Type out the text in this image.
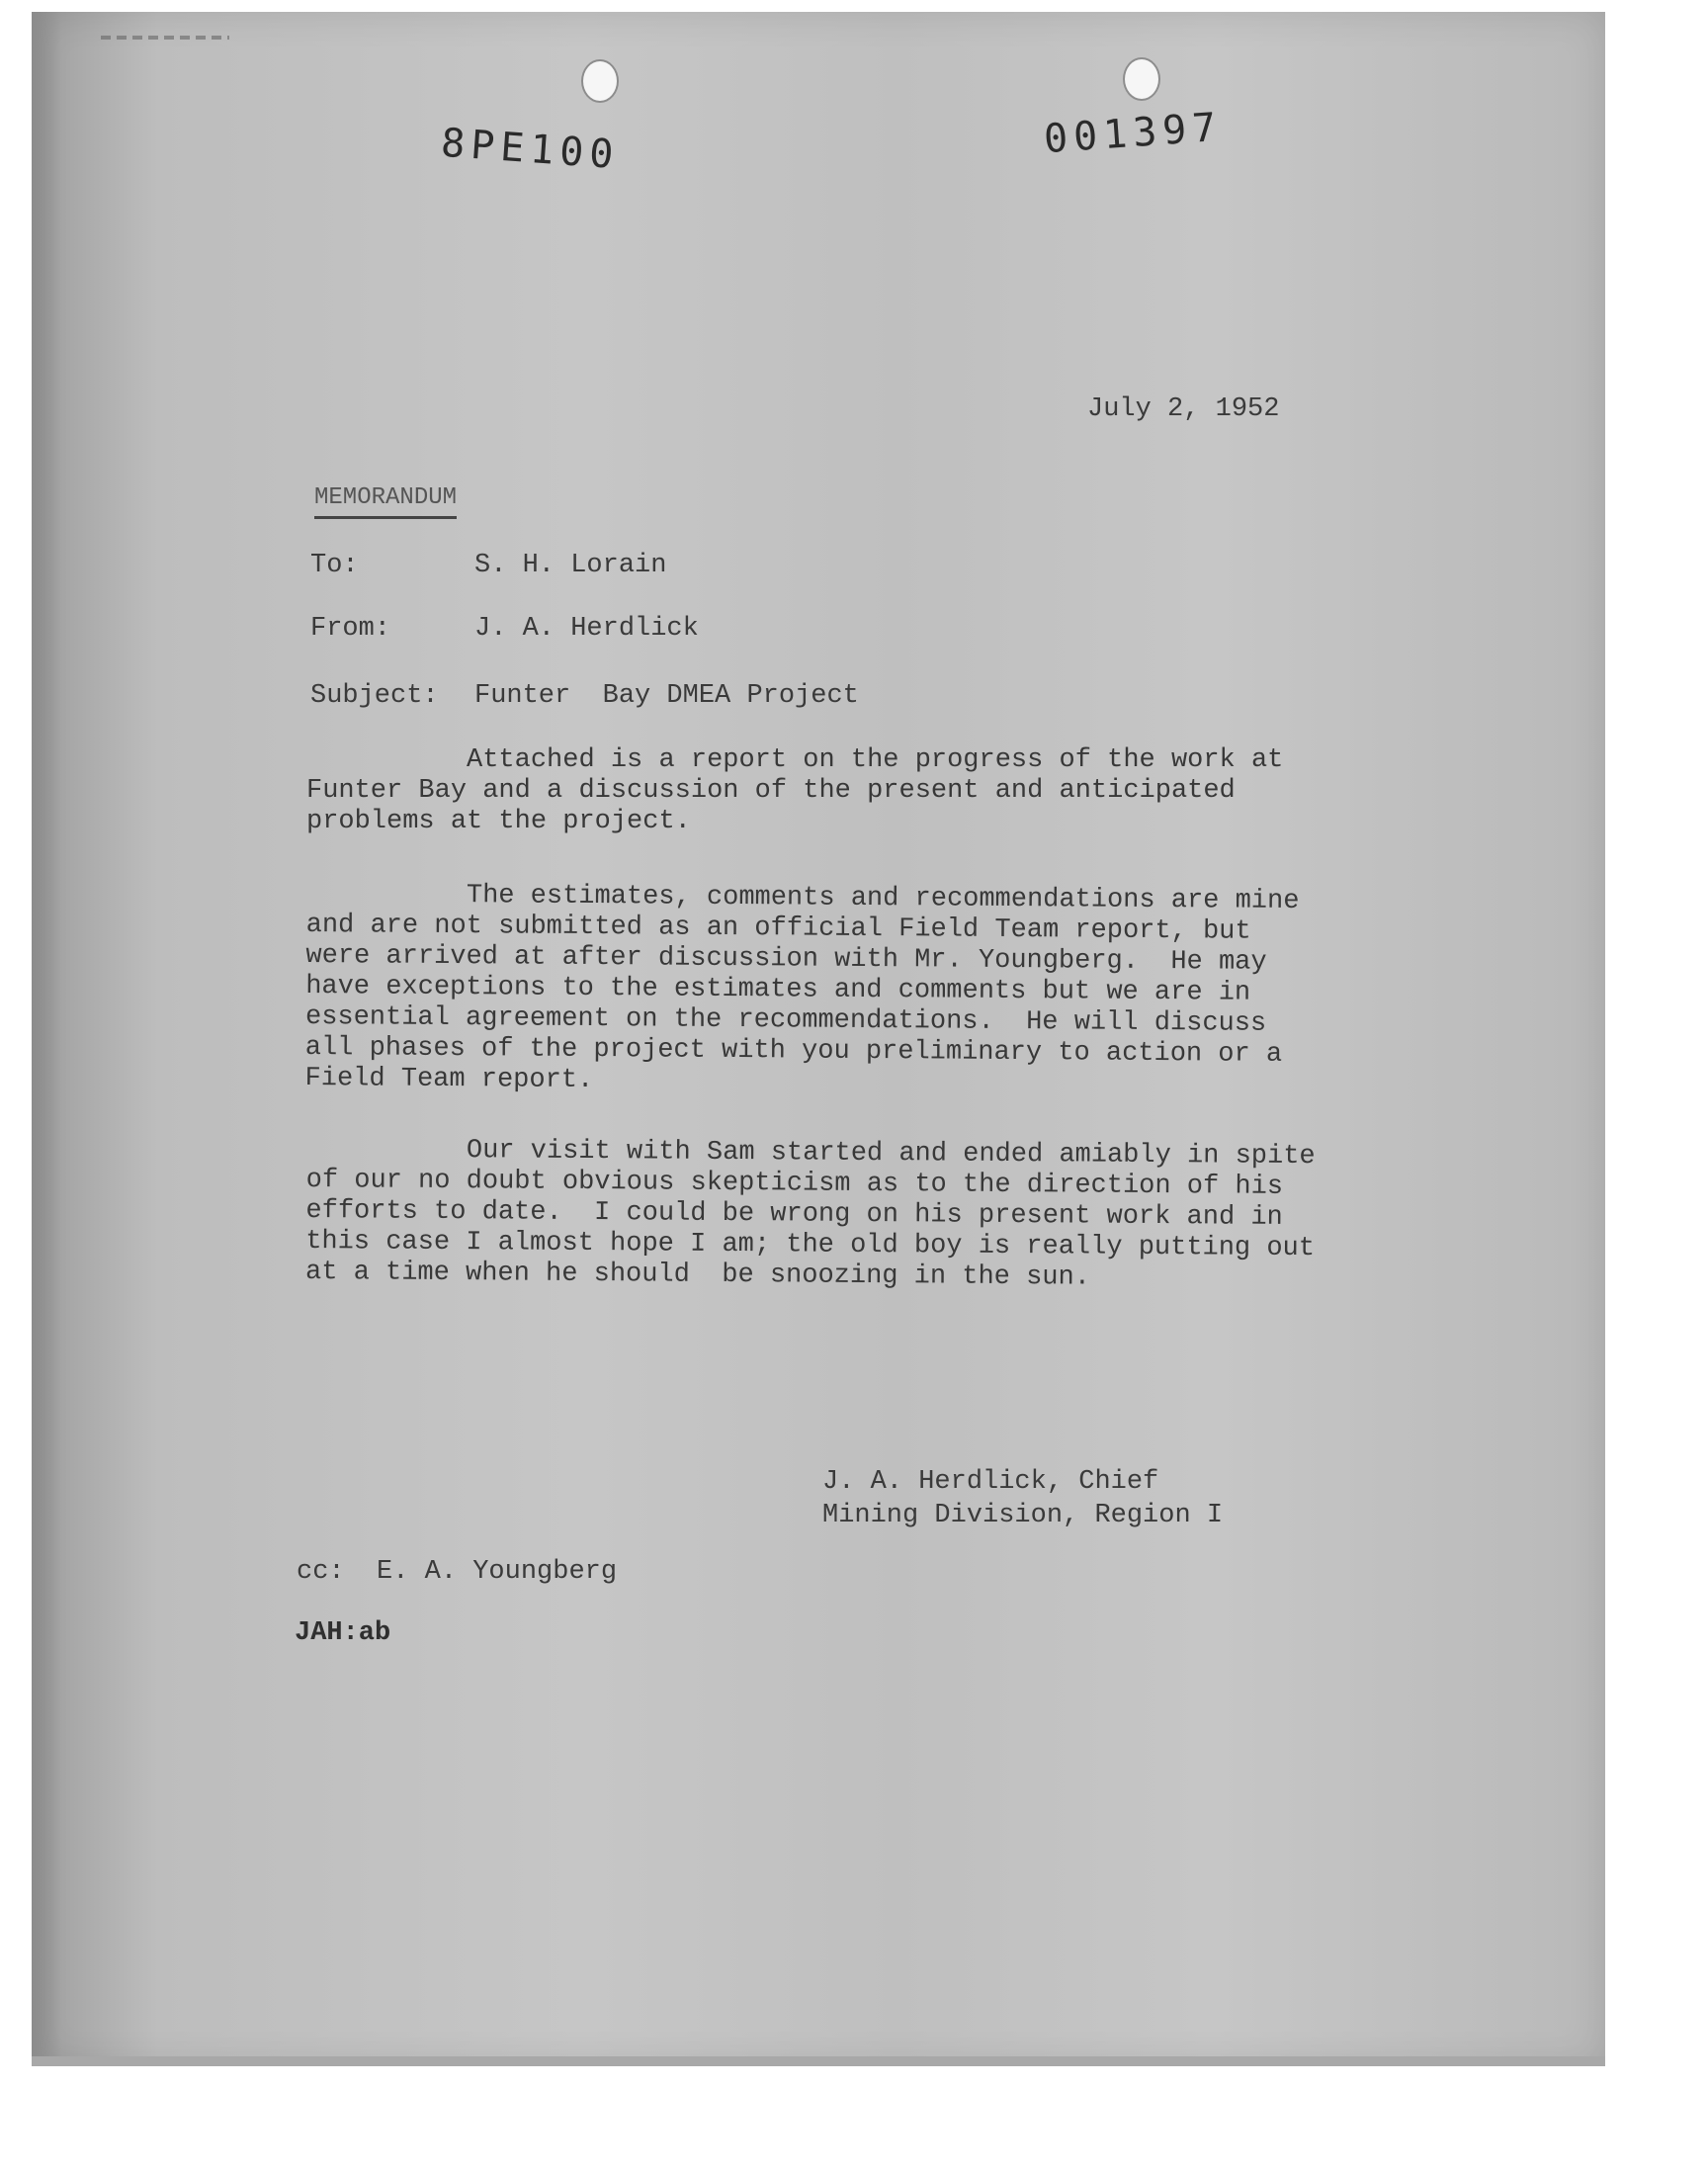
8PE100	001397
July 2, 1952
MEMORANDUM
To:	S. H. Lorain
From:	J. A. Herdlick
Subject: Funter  Bay DMEA Project
Attached is a report on the progress of the work at
Funter Bay and a discussion of the present and anticipated
problems at the project.
The estimates, comments and recommendations are mine
and are not submitted as an official Field Team report, but
were arrived at after discussion with Mr. Youngberg.  He may
have exceptions to the estimates and comments but we are in
essential agreement on the recommendations.  He will discuss
all phases of the project with you preliminary to action or a
Field Team report.
Our visit with Sam started and ended amiably in spite
of our no doubt obvious skepticism as to the direction of his
efforts to date.  I could be wrong on his present work and in
this case I almost hope I am; the old boy is really putting out
at a time when he should  be snoozing in the sun.
J. A. Herdlick, Chief
Mining Division, Region I
cc:  E. A. Youngberg
JAH:ab
